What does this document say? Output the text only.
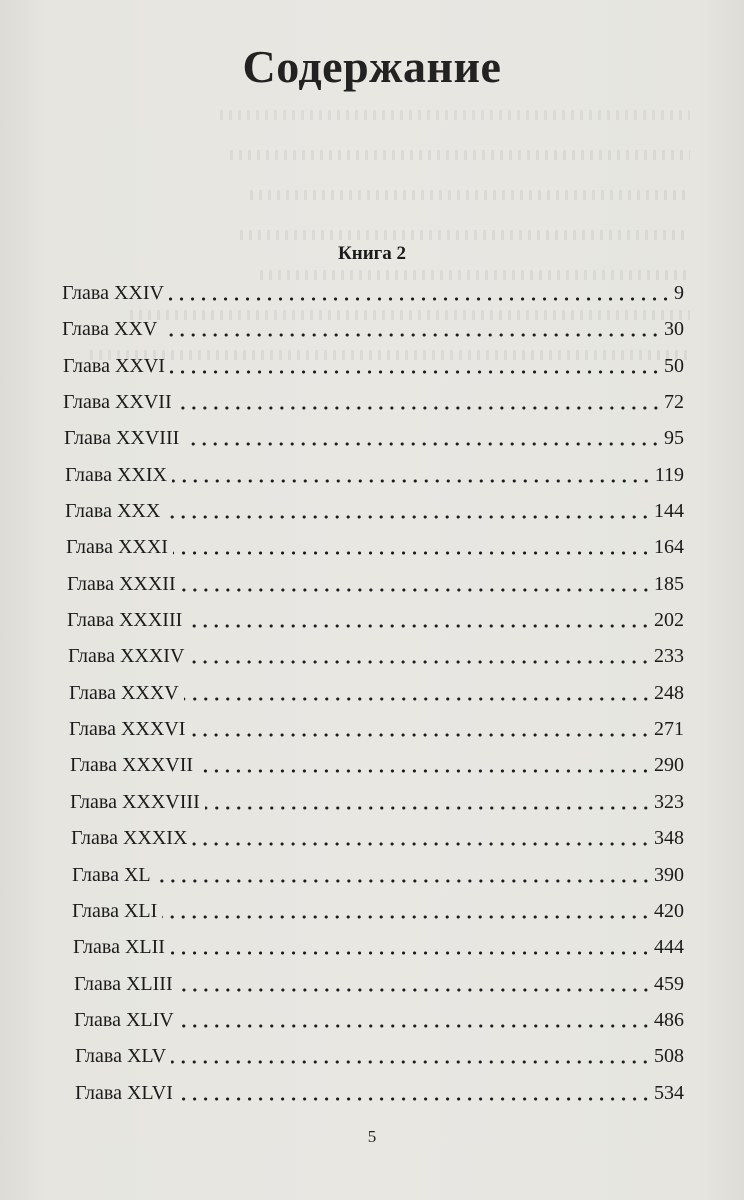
Содержание
Книга 2
Глава XXIV	9
Глава XXV	30
Глава XXVI	50
Глава XXVII	72
Глава XXVIII	95
Глава XXIX	119
Глава XXX	144
Глава XXXI	164
Глава XXXII	185
Глава XXXIII	202
Глава XXXIV	233
Глава XXXV	248
Глава XXXVI	271
Глава XXXVII	290
Глава XXXVIII	323
Глава XXXIX	348
Глава XL	390
Глава XLI	420
Глава XLII	444
Глава XLIII	459
Глава XLIV	486
Глава XLV	508
Глава XLVI	534
5
